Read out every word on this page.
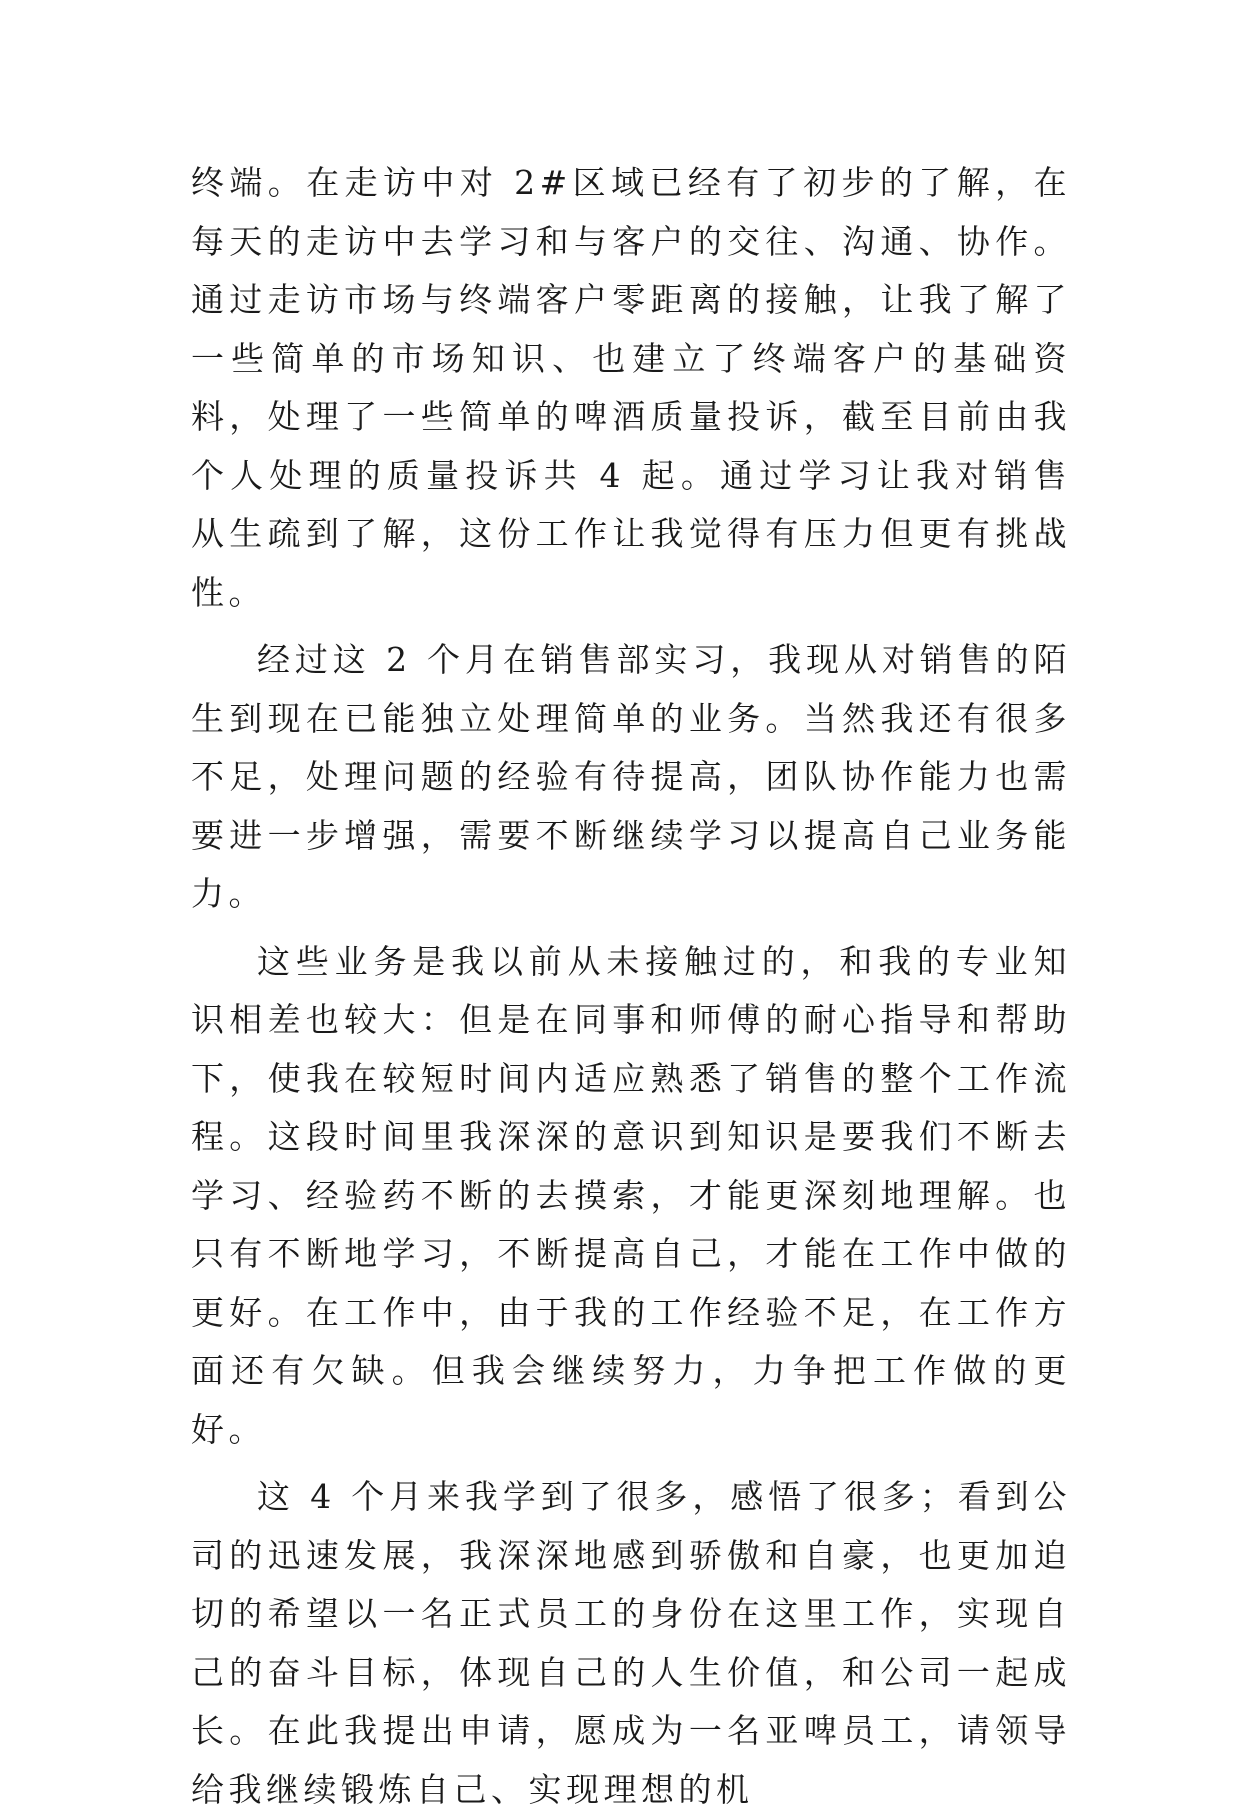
终端。在走访中对 2#区域已经有了初步的了解，在每天的走访中去学习和与客户的交往、沟通、协作。通过走访市场与终端客户零距离的接触，让我了解了一些简单的市场知识、也建立了终端客户的基础资料，处理了一些简单的啤酒质量投诉，截至目前由我个人处理的质量投诉共 4 起。通过学习让我对销售从生疏到了解，这份工作让我觉得有压力但更有挑战性。

经过这 2 个月在销售部实习，我现从对销售的陌生到现在已能独立处理简单的业务。当然我还有很多不足，处理问题的经验有待提高，团队协作能力也需要进一步增强，需要不断继续学习以提高自己业务能力。

这些业务是我以前从未接触过的，和我的专业知识相差也较大：但是在同事和师傅的耐心指导和帮助下，使我在较短时间内适应熟悉了销售的整个工作流程。这段时间里我深深的意识到知识是要我们不断去学习、经验药不断的去摸索，才能更深刻地理解。也只有不断地学习，不断提高自己，才能在工作中做的更好。在工作中，由于我的工作经验不足，在工作方面还有欠缺。但我会继续努力，力争把工作做的更好。

这 4 个月来我学到了很多，感悟了很多；看到公司的迅速发展，我深深地感到骄傲和自豪，也更加迫切的希望以一名正式员工的身份在这里工作，实现自己的奋斗目标，体现自己的人生价值，和公司一起成长。在此我提出申请，愿成为一名亚啤员工，请领导给我继续锻炼自己、实现理想的机
